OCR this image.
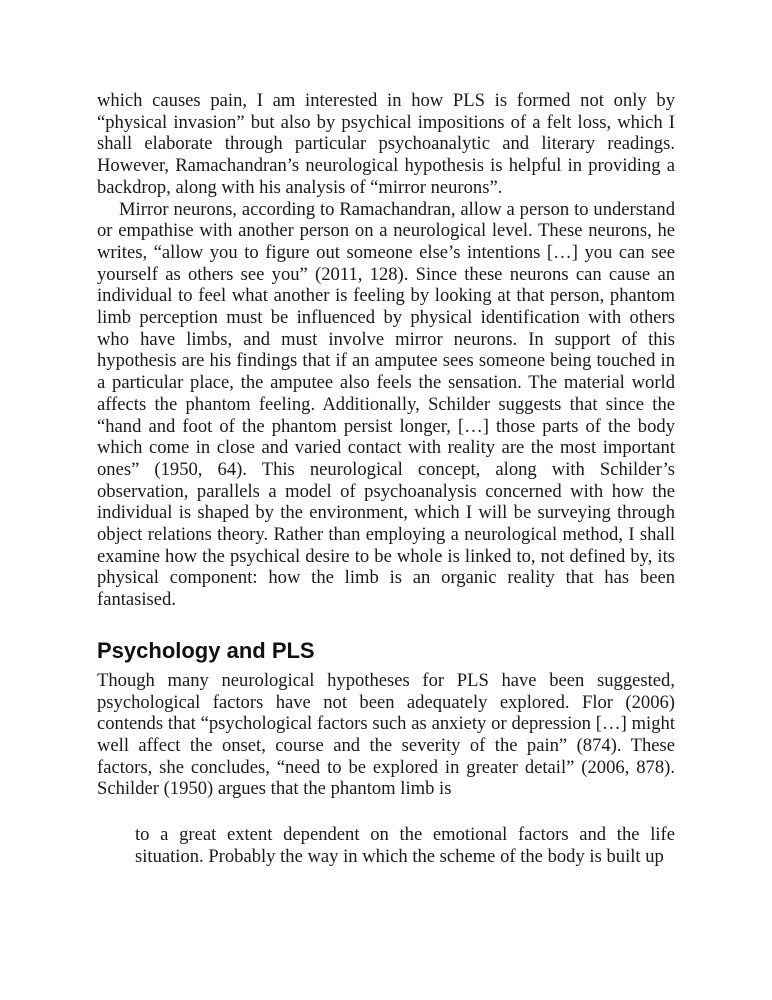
which causes pain, I am interested in how PLS is formed not only by “physical invasion” but also by psychical impositions of a felt loss, which I shall elaborate through particular psychoanalytic and literary readings. However, Ramachandran’s neurological hypothesis is helpful in providing a backdrop, along with his analysis of “mirror neurons”.

Mirror neurons, according to Ramachandran, allow a person to understand or empathise with another person on a neurological level. These neurons, he writes, “allow you to figure out someone else’s intentions […] you can see yourself as others see you” (2011, 128). Since these neurons can cause an individual to feel what another is feeling by looking at that person, phantom limb perception must be influenced by physical identification with others who have limbs, and must involve mirror neurons. In support of this hypothesis are his findings that if an amputee sees someone being touched in a particular place, the amputee also feels the sensation. The material world affects the phantom feeling. Additionally, Schilder suggests that since the “hand and foot of the phantom persist longer, […] those parts of the body which come in close and varied contact with reality are the most important ones” (1950, 64). This neurological concept, along with Schilder’s observation, parallels a model of psychoanalysis concerned with how the individual is shaped by the environment, which I will be surveying through object relations theory. Rather than employing a neurological method, I shall examine how the psychical desire to be whole is linked to, not defined by, its physical component: how the limb is an organic reality that has been fantasised.

Psychology and PLS

Though many neurological hypotheses for PLS have been suggested, psychological factors have not been adequately explored. Flor (2006) contends that “psychological factors such as anxiety or depression […] might well affect the onset, course and the severity of the pain” (874). These factors, she concludes, “need to be explored in greater detail” (2006, 878). Schilder (1950) argues that the phantom limb is

to a great extent dependent on the emotional factors and the life situation. Probably the way in which the scheme of the body is built up
